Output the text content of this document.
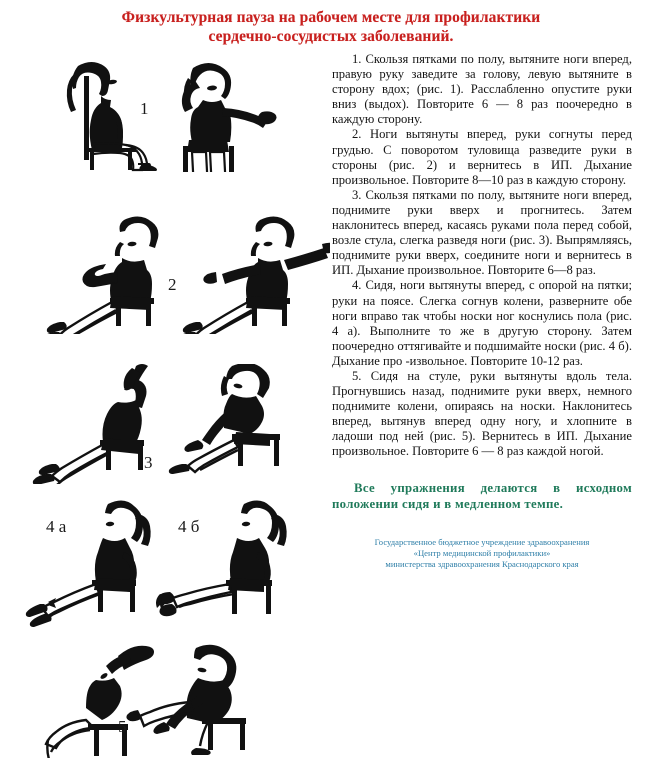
Физкультурная пауза на рабочем месте для профилактики
сердечно-сосудистых заболеваний.
1
2
3
4 а	4 б
5

1. Скользя пятками по полу, вытяните ноги вперед, правую руку заведите за голову, левую вытяните в сторону вдох; (рис. 1). Расслабленно опустите руки вниз (выдох). Повторите 6 — 8 раз поочередно в каждую сторону.

2. Ноги вытянуты вперед, руки согнуты перед грудью. С поворотом туловища разведите руки в стороны (рис. 2) и вернитесь в ИП. Дыхание произвольное. Повторите 8—10 раз в каждую сторону.

3. Скользя пятками по полу, вытяните ноги вперед, поднимите руки вверх и прогнитесь. Затем наклонитесь вперед, касаясь руками пола перед собой, возле стула, слегка разведя ноги (рис. 3). Выпрямляясь, поднимите руки вверх, соедините ноги и вернитесь в ИП. Дыхание произвольное. Повторите 6—8 раз.

4. Сидя, ноги вытянуты вперед, с опорой на пятки; руки на поясе. Слегка согнув колени, разверните обе ноги вправо так чтобы носки ног коснулись пола (рис. 4 а). Выполните то же в другую сторону. Затем поочередно оттягивайте и подшимайте носки (рис. 4 б). Дыхание про -извольное. Повторите 10-12 раз.

5. Сидя на стуле, руки вытянуты вдоль тела. Прогнувшись назад, поднимите руки вверх, немного поднимите колени, опираясь на носки. Наклонитесь вперед, вытянув вперед одну ногу, и хлопните в ладоши под ней (рис. 5). Вернитесь в ИП. Дыхание произвольное. Повторите 6 — 8 раз каждой ногой.

Все упражнения делаются в исходном положении сидя и в медленном темпе.

Государственное бюджетное учреждение здравоохранения
«Центр медицинской профилактики»
министерства здравоохранения Краснодарского края
